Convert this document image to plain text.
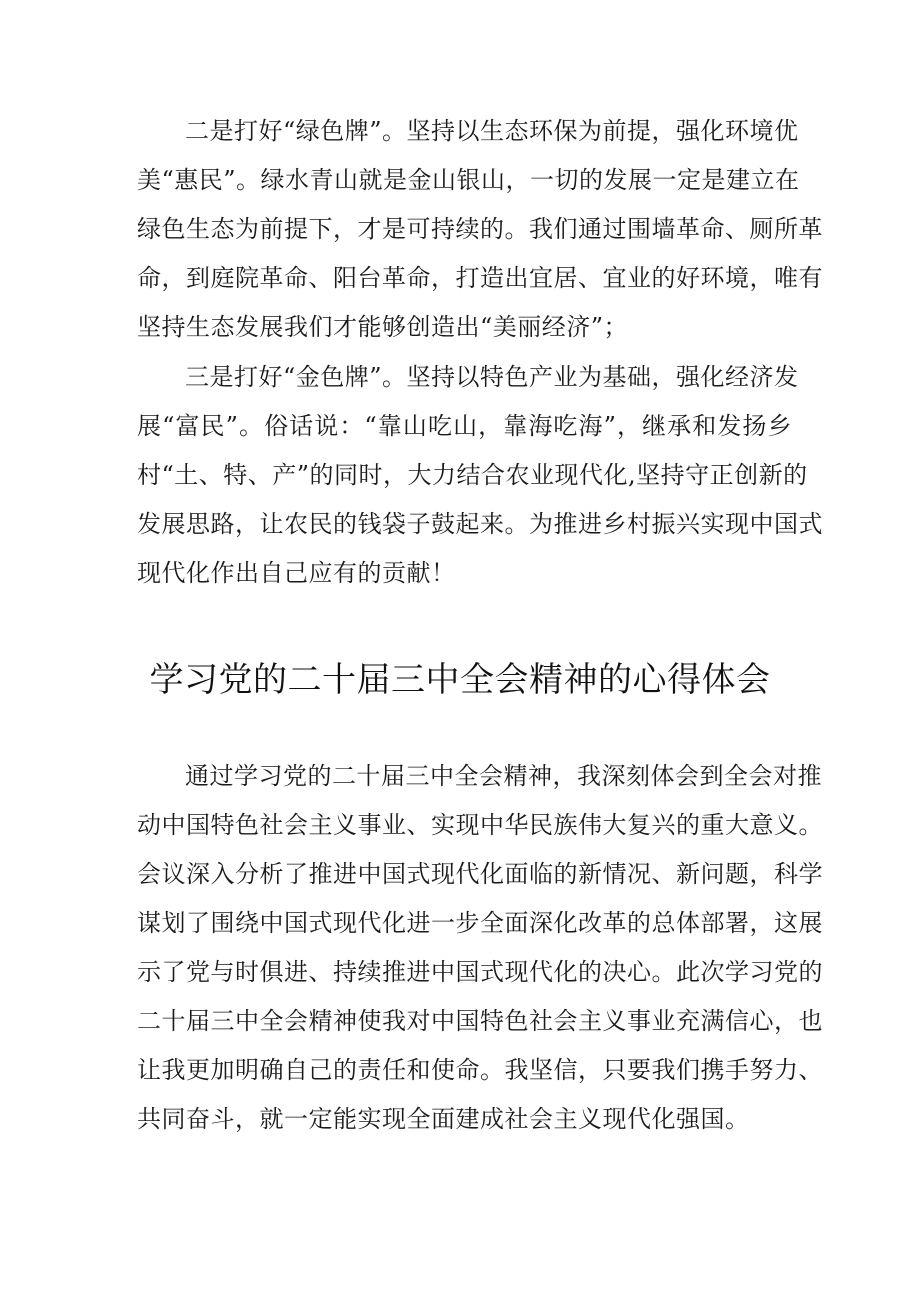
二是打好“绿色牌”。坚持以生态环保为前提，强化环境优
美“惠民”。绿水青山就是金山银山，一切的发展一定是建立在
绿色生态为前提下，才是可持续的。我们通过围墙革命、厕所革
命，到庭院革命、阳台革命，打造出宜居、宜业的好环境，唯有
坚持生态发展我们才能够创造出“美丽经济”；
三是打好“金色牌”。坚持以特色产业为基础，强化经济发
展“富民”。俗话说：“靠山吃山，靠海吃海”，继承和发扬乡
村“土、特、产”的同时，大力结合农业现代化,坚持守正创新的
发展思路，让农民的钱袋子鼓起来。为推进乡村振兴实现中国式
现代化作出自己应有的贡献！
学习党的二十届三中全会精神的心得体会
通过学习党的二十届三中全会精神，我深刻体会到全会对推
动中国特色社会主义事业、实现中华民族伟大复兴的重大意义。
会议深入分析了推进中国式现代化面临的新情况、新问题，科学
谋划了围绕中国式现代化进一步全面深化改革的总体部署，这展
示了党与时俱进、持续推进中国式现代化的决心。此次学习党的
二十届三中全会精神使我对中国特色社会主义事业充满信心，也
让我更加明确自己的责任和使命。我坚信，只要我们携手努力、
共同奋斗，就一定能实现全面建成社会主义现代化强国。
